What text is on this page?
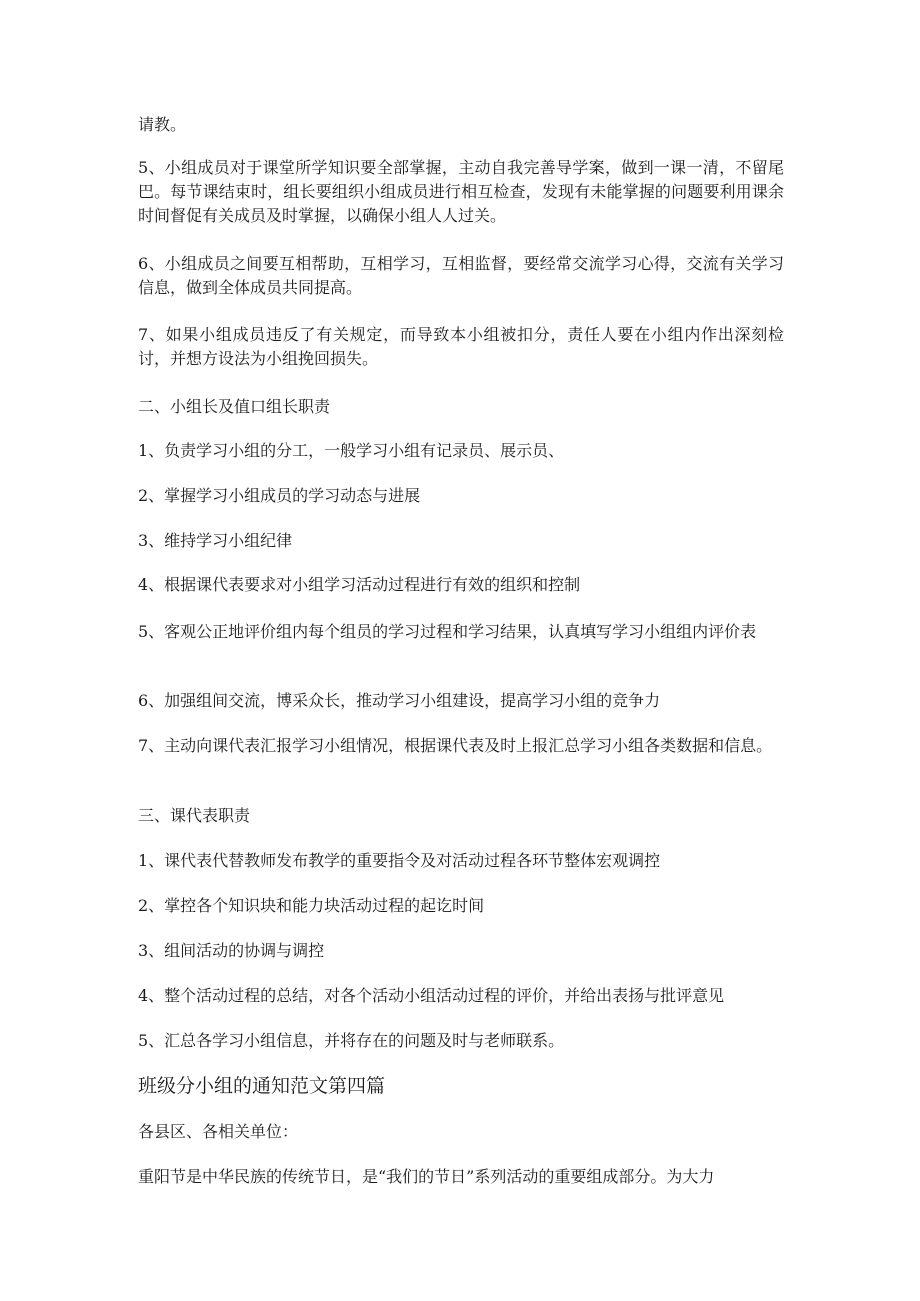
请教。

5、小组成员对于课堂所学知识要全部掌握，主动自我完善导学案，做到一课一清，不留尾巴。每节课结束时，组长要组织小组成员进行相互检查，发现有未能掌握的问题要利用课余时间督促有关成员及时掌握，以确保小组人人过关。

6、小组成员之间要互相帮助，互相学习，互相监督，要经常交流学习心得，交流有关学习信息，做到全体成员共同提高。

7、如果小组成员违反了有关规定，而导致本小组被扣分，责任人要在小组内作出深刻检讨，并想方设法为小组挽回损失。

二、小组长及值口组长职责

1、负责学习小组的分工，一般学习小组有记录员、展示员、

2、掌握学习小组成员的学习动态与进展

3、维持学习小组纪律

4、根据课代表要求对小组学习活动过程进行有效的组织和控制

5、客观公正地评价组内每个组员的学习过程和学习结果，认真填写学习小组组内评价表

6、加强组间交流，博采众长，推动学习小组建设，提高学习小组的竞争力

7、主动向课代表汇报学习小组情况，根据课代表及时上报汇总学习小组各类数据和信息。

三、课代表职责

1、课代表代替教师发布教学的重要指令及对活动过程各环节整体宏观调控

2、掌控各个知识块和能力块活动过程的起讫时间

3、组间活动的协调与调控

4、整个活动过程的总结，对各个活动小组活动过程的评价，并给出表扬与批评意见

5、汇总各学习小组信息，并将存在的问题及时与老师联系。

班级分小组的通知范文第四篇

各县区、各相关单位：

重阳节是中华民族的传统节日，是“我们的节日”系列活动的重要组成部分。为大力
